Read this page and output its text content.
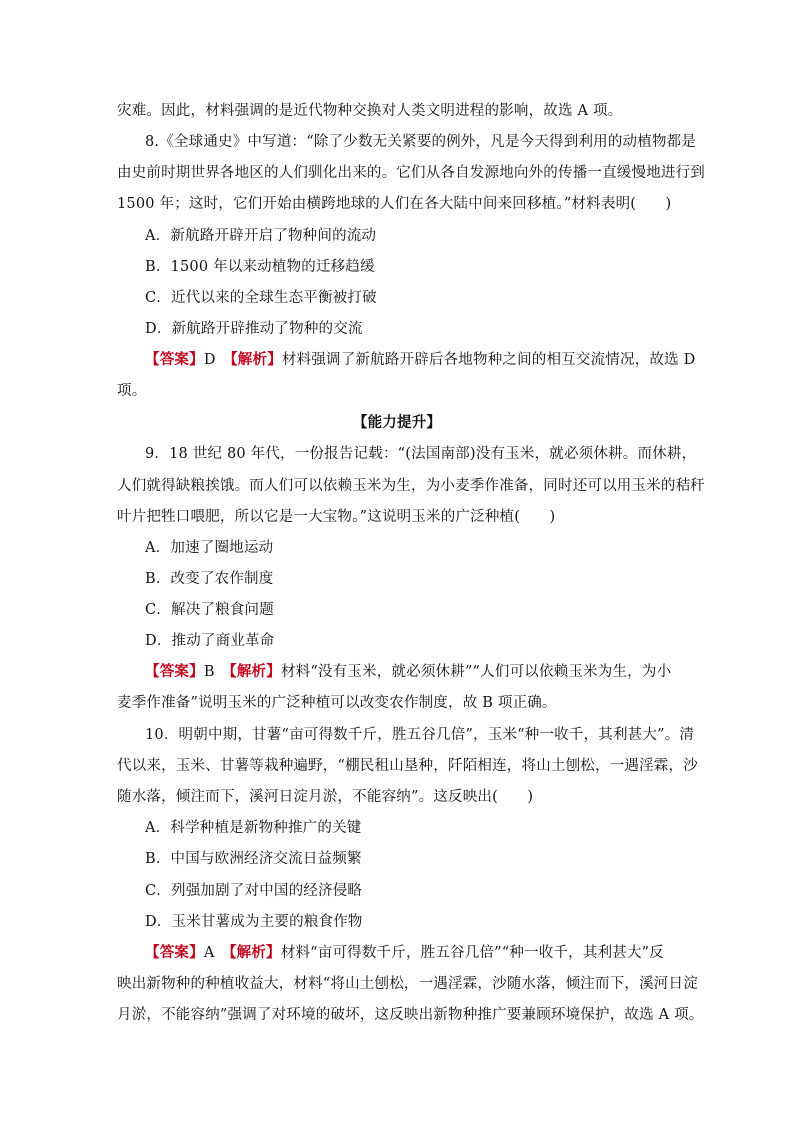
灾难。因此，材料强调的是近代物种交换对人类文明进程的影响，故选 A 项。
8.《全球通史》中写道：“除了少数无关紧要的例外，凡是今天得到利用的动植物都是
由史前时期世界各地区的人们驯化出来的。它们从各自发源地向外的传播一直缓慢地进行到
1500 年；这时，它们开始由横跨地球的人们在各大陆中间来回移植。”材料表明(　　)
A．新航路开辟开启了物种间的流动
B．1500 年以来动植物的迁移趋缓
C．近代以来的全球生态平衡被打破
D．新航路开辟推动了物种的交流
【答案】D　【解析】材料强调了新航路开辟后各地物种之间的相互交流情况，故选 D
项。
【能力提升】
9．18 世纪 80 年代，一份报告记载：“(法国南部)没有玉米，就必须休耕。而休耕，
人们就得缺粮挨饿。而人们可以依赖玉米为生，为小麦季作准备，同时还可以用玉米的秸秆
叶片把牲口喂肥，所以它是一大宝物。”这说明玉米的广泛种植(　　)
A．加速了圈地运动
B．改变了农作制度
C．解决了粮食问题
D．推动了商业革命
【答案】B　【解析】材料“没有玉米，就必须休耕”“人们可以依赖玉米为生，为小
麦季作准备”说明玉米的广泛种植可以改变农作制度，故 B 项正确。
10．明朝中期，甘薯“亩可得数千斤，胜五谷几倍”，玉米“种一收千，其利甚大”。清
代以来，玉米、甘薯等栽种遍野，“棚民租山垦种，阡陌相连，将山土刨松，一遇淫霖，沙
随水落，倾注而下，溪河日淀月淤，不能容纳”。这反映出(　　)
A．科学种植是新物种推广的关键
B．中国与欧洲经济交流日益频繁
C．列强加剧了对中国的经济侵略
D．玉米甘薯成为主要的粮食作物
【答案】A　【解析】材料“亩可得数千斤，胜五谷几倍”“种一收千，其利甚大”反
映出新物种的种植收益大，材料“将山土刨松，一遇淫霖，沙随水落，倾注而下，溪河日淀
月淤，不能容纳”强调了对环境的破坏，这反映出新物种推广要兼顾环境保护，故选 A 项。
